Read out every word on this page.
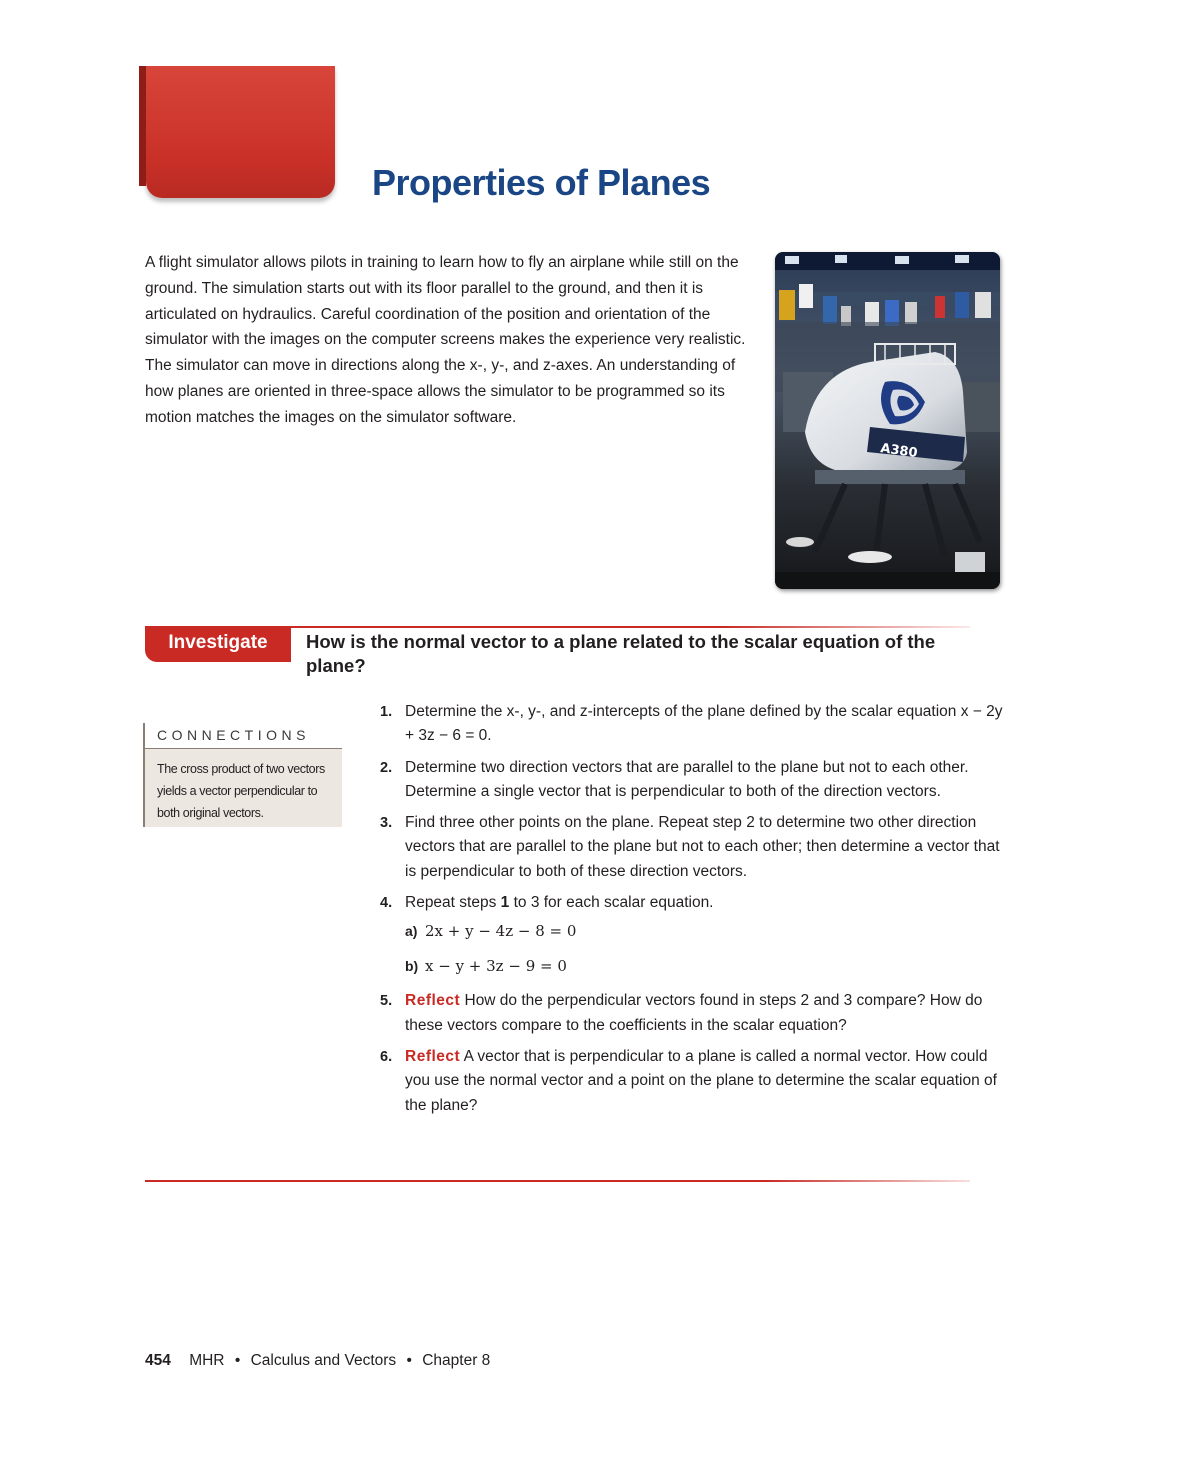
8.3
Properties of Planes

A flight simulator allows pilots in training to learn how to fly an airplane while still on the ground. The simulation starts out with its floor parallel to the ground, and then it is articulated on hydraulics. Careful coordination of the position and orientation of the simulator with the images on the computer screens makes the experience very realistic. The simulator can move in directions along the x-, y-, and z-axes. An understanding of how planes are oriented in three-space allows the simulator to be programmed so its motion matches the images on the simulator software.

A380
Investigate	How is the normal vector to a plane related to the scalar equation of the plane?

CONNECTIONS

The cross product of two vectors yields a vector perpendicular to both original vectors.

1. Determine the x-, y-, and z-intercepts of the plane defined by the scalar equation x − 2y + 3z − 6 = 0.
2. Determine two direction vectors that are parallel to the plane but not to each other. Determine a single vector that is perpendicular to both of the direction vectors.
3. Find three other points on the plane. Repeat step 2 to determine two other direction vectors that are parallel to the plane but not to each other; then determine a vector that is perpendicular to both of these direction vectors.
4. Repeat steps 1 to 3 for each scalar equation.
a) 2x + y − 4z − 8 = 0
b) x − y + 3z − 9 = 0
5. Reflect How do the perpendicular vectors found in steps 2 and 3 compare? How do these vectors compare to the coefficients in the scalar equation?
6. Reflect A vector that is perpendicular to a plane is called a normal vector. How could you use the normal vector and a point on the plane to determine the scalar equation of the plane?
454 MHR • Calculus and Vectors • Chapter 8
